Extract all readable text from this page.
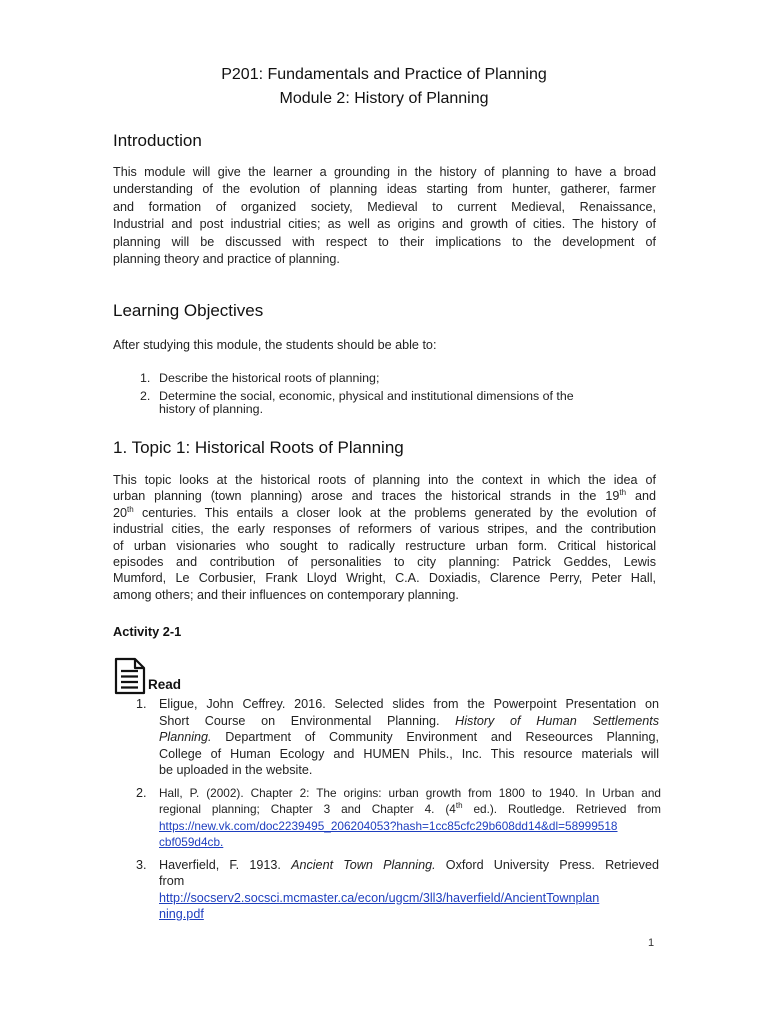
P201: Fundamentals and Practice of Planning
Module 2: History of Planning
Introduction
This module will give the learner a grounding in the history of planning to have a broad
understanding of the evolution of planning ideas starting from hunter, gatherer, farmer
and formation of organized society, Medieval to current Medieval, Renaissance,
Industrial and post industrial cities; as well as origins and growth of cities. The history of
planning will be discussed with respect to their implications to the development of
planning theory and practice of planning.
Learning Objectives
After studying this module, the students should be able to:
1. Describe the historical roots of planning;
2. Determine the social, economic, physical and institutional dimensions of the
history of planning.
1. Topic 1: Historical Roots of Planning
This topic looks at the historical roots of planning into the context in which the idea of
urban planning (town planning) arose and traces the historical strands in the 19th and
20th centuries. This entails a closer look at the problems generated by the evolution of
industrial cities, the early responses of reformers of various stripes, and the contribution
of urban visionaries who sought to radically restructure urban form. Critical historical
episodes and contribution of personalities to city planning: Patrick Geddes, Lewis
Mumford, Le Corbusier, Frank Lloyd Wright, C.A. Doxiadis, Clarence Perry, Peter Hall,
among others; and their influences on contemporary planning.
Activity 2-1
Read
1. Eligue, John Ceffrey. 2016. Selected slides from the Powerpoint Presentation on
Short Course on Environmental Planning. History of Human Settlements
Planning. Department of Community Environment and Reseources Planning,
College of Human Ecology and HUMEN Phils., Inc. This resource materials will
be uploaded in the website.
2. Hall, P. (2002). Chapter 2: The origins: urban growth from 1800 to 1940. In Urban and
regional planning; Chapter 3 and Chapter 4. (4th ed.). Routledge. Retrieved from
https://new.vk.com/doc2239495_206204053?hash=1cc85cfc29b608dd14&dl=58999518
cbf059d4cb.
3. Haverfield, F. 1913. Ancient Town Planning. Oxford University Press. Retrieved
from
http://socserv2.socsci.mcmaster.ca/econ/ugcm/3ll3/haverfield/AncientTownplan
ning.pdf
1
